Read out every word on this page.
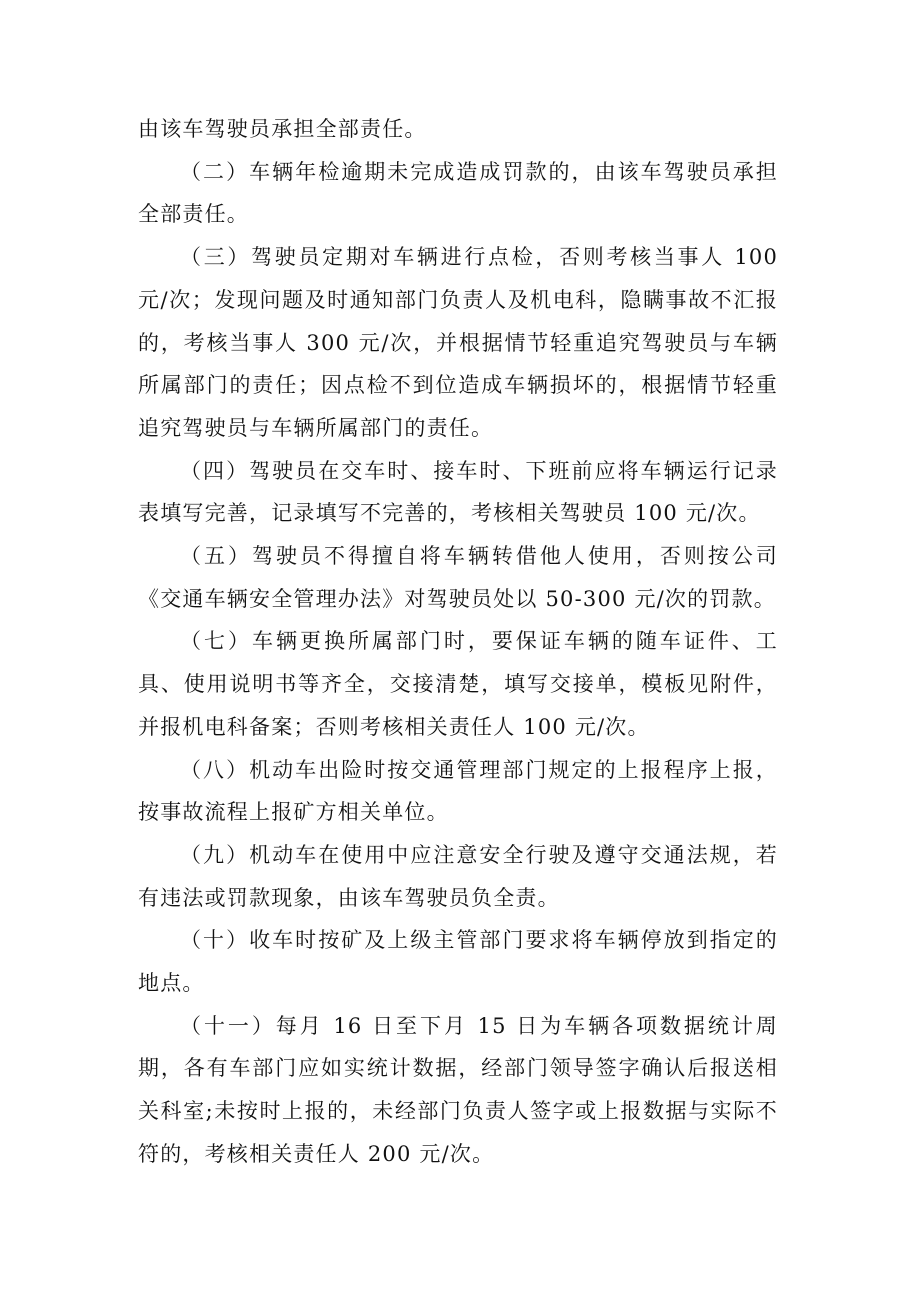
由该车驾驶员承担全部责任。

（二）车辆年检逾期未完成造成罚款的，由该车驾驶员承担全部责任。

（三）驾驶员定期对车辆进行点检，否则考核当事人 100 元/次；发现问题及时通知部门负责人及机电科，隐瞒事故不汇报的，考核当事人 300 元/次，并根据情节轻重追究驾驶员与车辆所属部门的责任；因点检不到位造成车辆损坏的，根据情节轻重追究驾驶员与车辆所属部门的责任。

（四）驾驶员在交车时、接车时、下班前应将车辆运行记录表填写完善，记录填写不完善的，考核相关驾驶员 100 元/次。

（五）驾驶员不得擅自将车辆转借他人使用，否则按公司《交通车辆安全管理办法》对驾驶员处以 50-300 元/次的罚款。

（七）车辆更换所属部门时，要保证车辆的随车证件、工具、使用说明书等齐全，交接清楚，填写交接单，模板见附件，并报机电科备案；否则考核相关责任人 100 元/次。

（八）机动车出险时按交通管理部门规定的上报程序上报，按事故流程上报矿方相关单位。

（九）机动车在使用中应注意安全行驶及遵守交通法规，若有违法或罚款现象，由该车驾驶员负全责。

（十）收车时按矿及上级主管部门要求将车辆停放到指定的地点。

（十一）每月 16 日至下月 15 日为车辆各项数据统计周期，各有车部门应如实统计数据，经部门领导签字确认后报送相关科室;未按时上报的，未经部门负责人签字或上报数据与实际不符的，考核相关责任人 200 元/次。
